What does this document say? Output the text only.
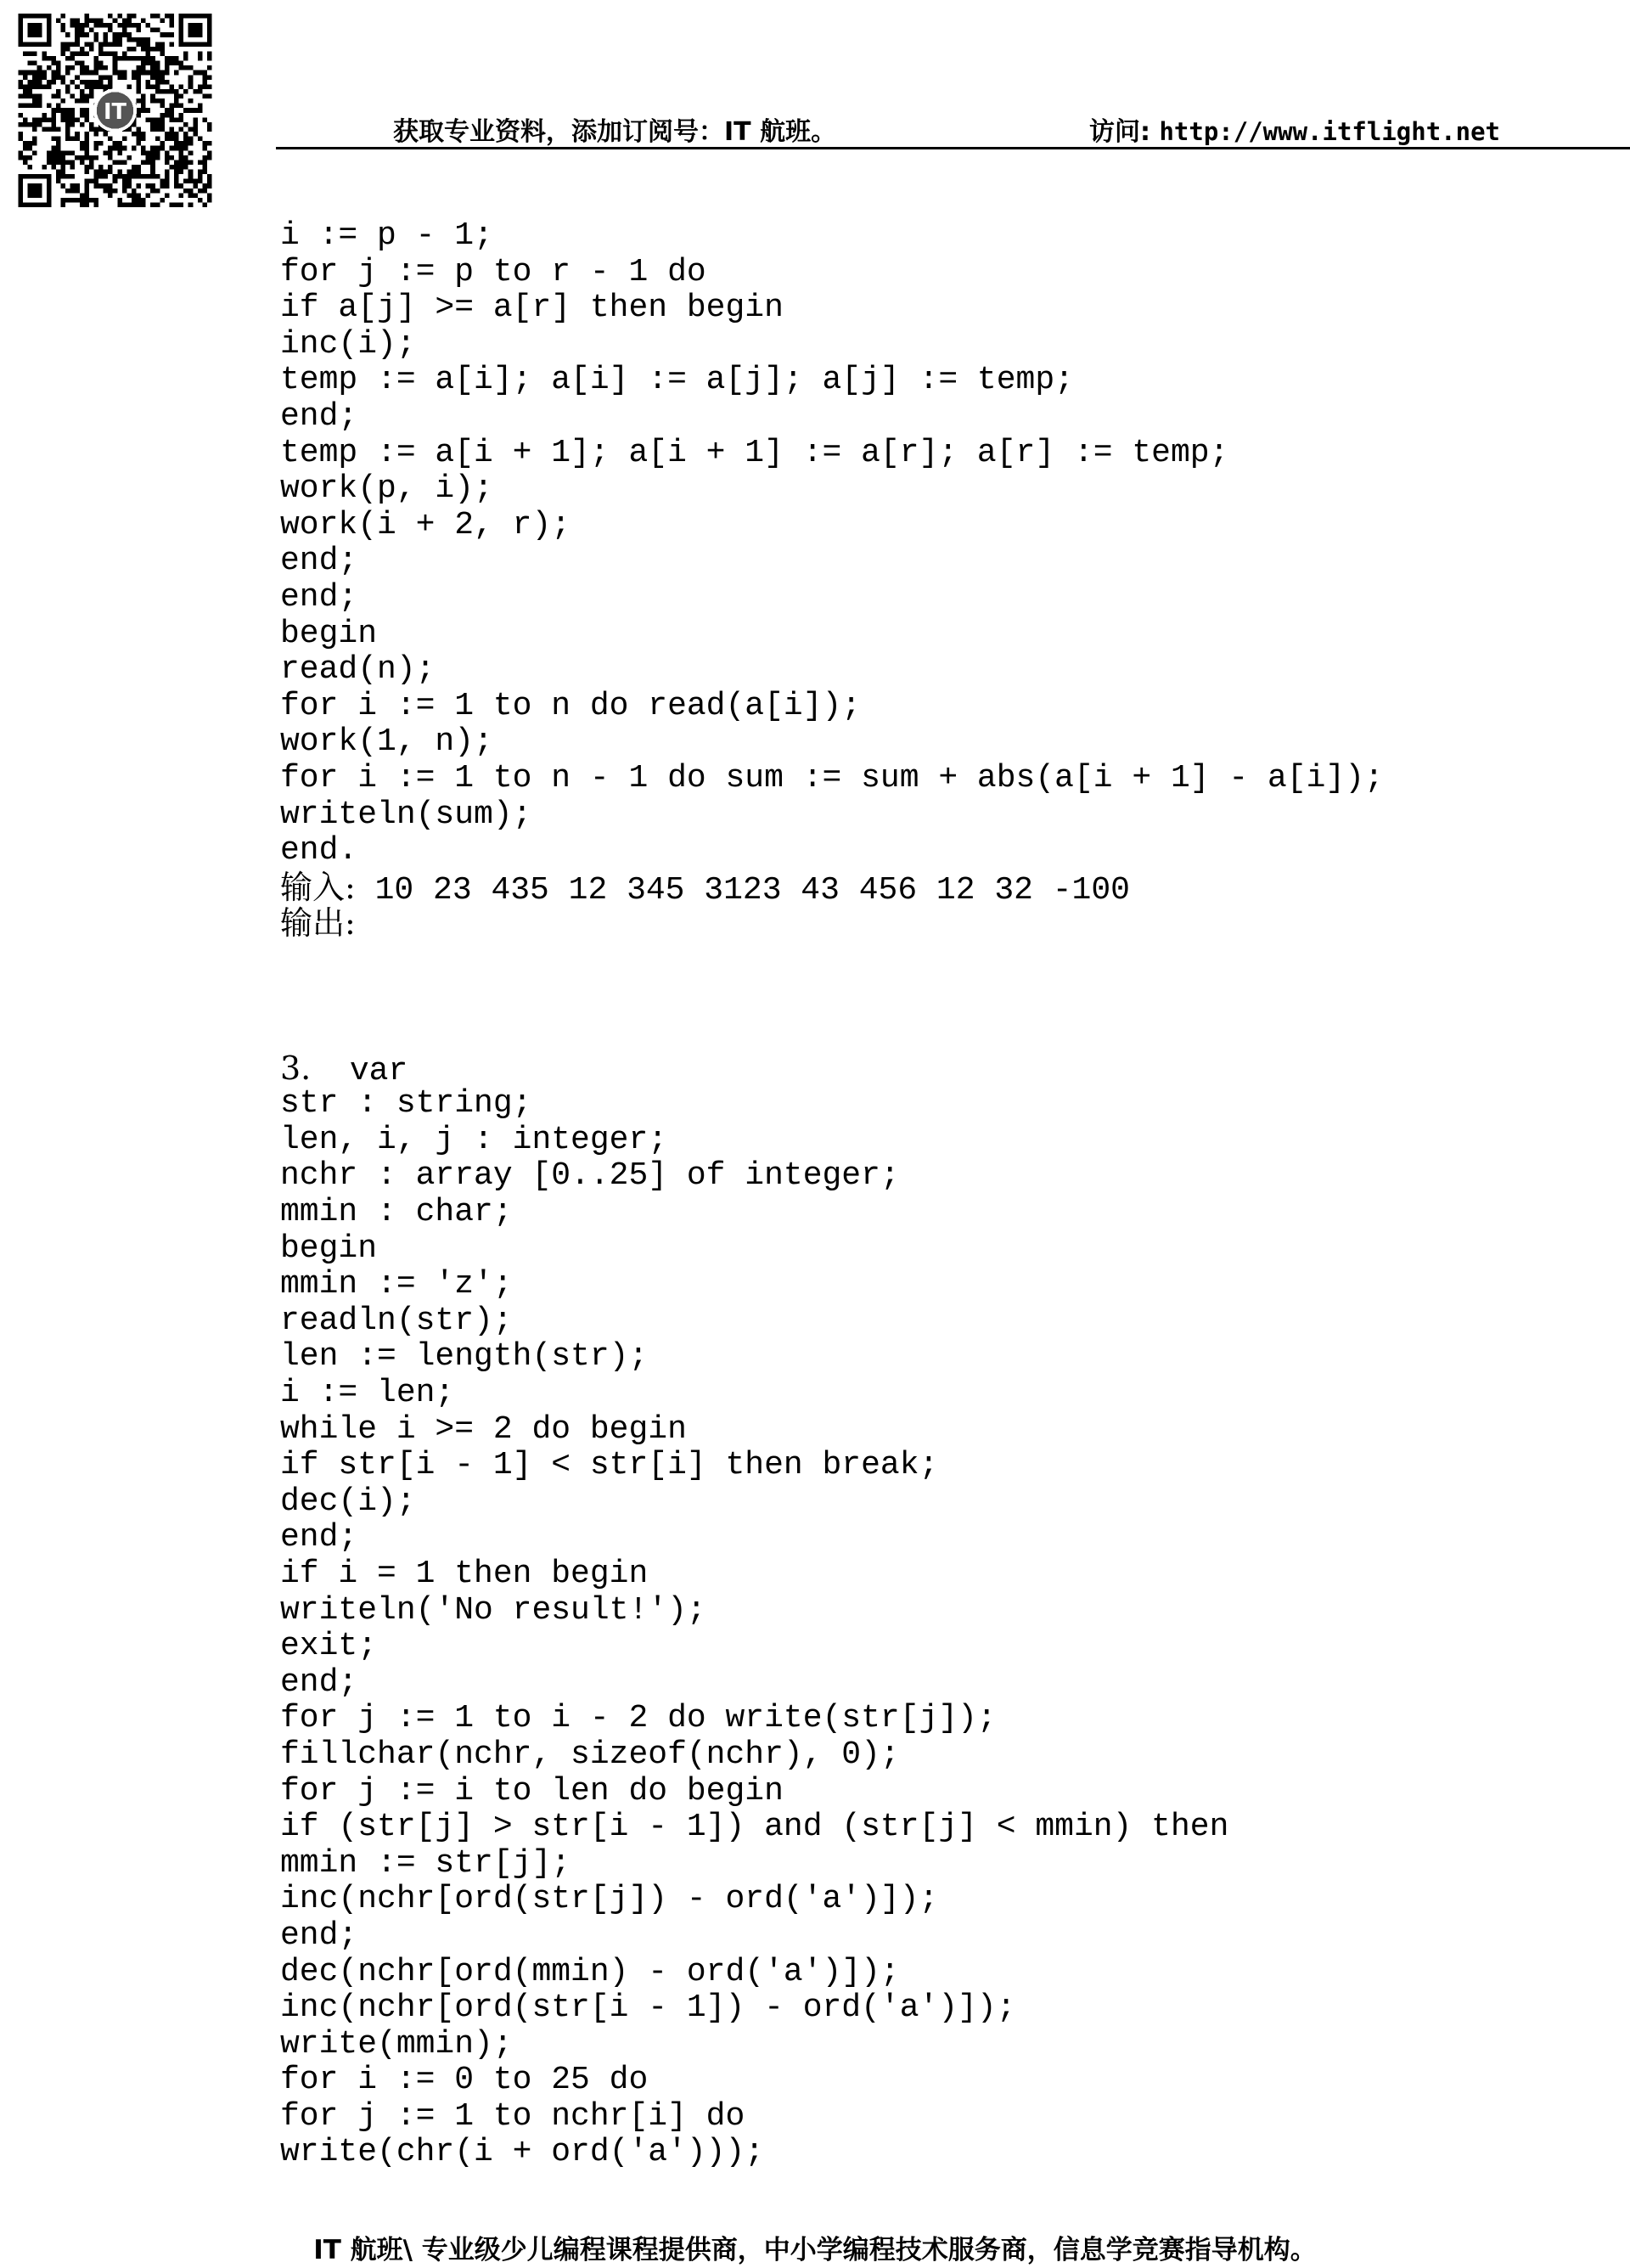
IT
获取专业资料，添加订阅号：IT 航班。	访问: http://www.itflight.net
i := p - 1;
for j := p to r - 1 do
if a[j] >= a[r] then begin
inc(i);
temp := a[i]; a[i] := a[j]; a[j] := temp;
end;
temp := a[i + 1]; a[i + 1] := a[r]; a[r] := temp;
work(p, i);
work(i + 2, r);
end;
end;
begin
read(n);
for i := 1 to n do read(a[i]);
work(1, n);
for i := 1 to n - 1 do sum := sum + abs(a[i + 1] - a[i]);
writeln(sum);
end.
输入: 10 23 435 12 345 3123 43 456 12 32 -100
输出:
3.  var
str : string;
len, i, j : integer;
nchr : array [0..25] of integer;
mmin : char;
begin
mmin := 'z';
readln(str);
len := length(str);
i := len;
while i >= 2 do begin
if str[i - 1] < str[i] then break;
dec(i);
end;
if i = 1 then begin
writeln('No result!');
exit;
end;
for j := 1 to i - 2 do write(str[j]);
fillchar(nchr, sizeof(nchr), 0);
for j := i to len do begin
if (str[j] > str[i - 1]) and (str[j] < mmin) then
mmin := str[j];
inc(nchr[ord(str[j]) - ord('a')]);
end;
dec(nchr[ord(mmin) - ord('a')]);
inc(nchr[ord(str[i - 1]) - ord('a')]);
write(mmin);
for i := 0 to 25 do
for j := 1 to nchr[i] do
write(chr(i + ord('a')));
IT 航班\ 专业级少儿编程课程提供商，中小学编程技术服务商，信息学竞赛指导机构。
